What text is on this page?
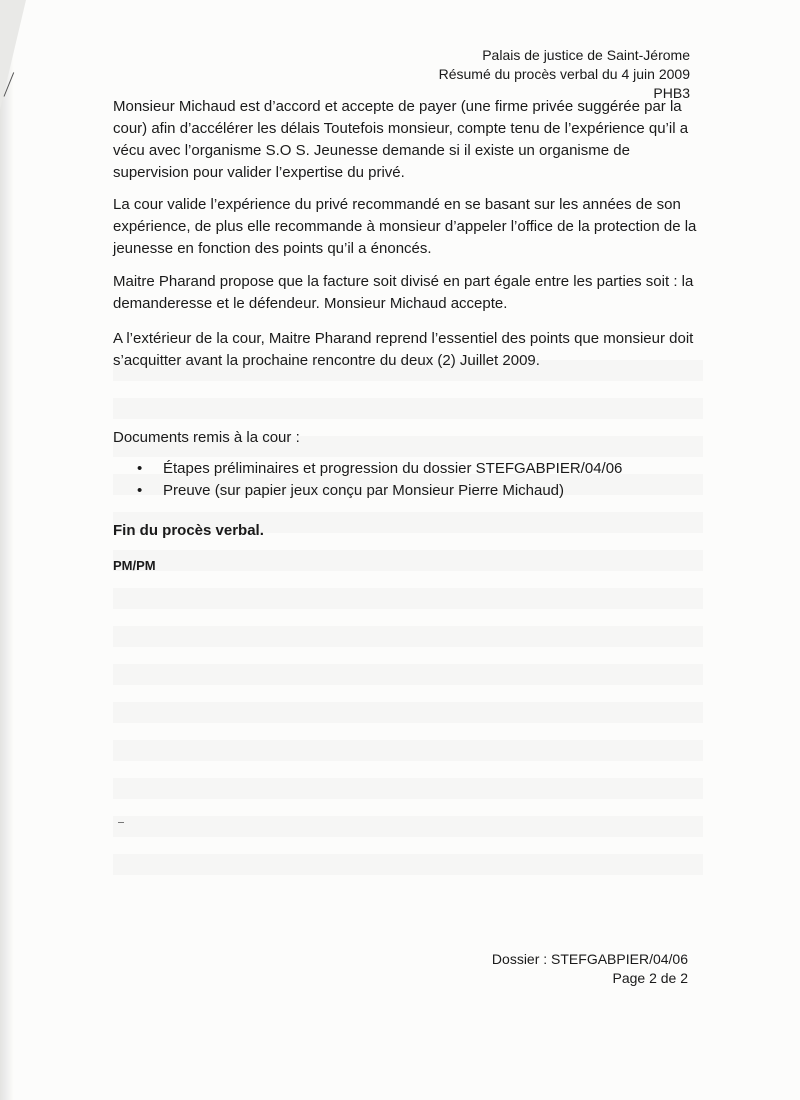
Palais de justice de Saint-Jérome
Résumé du procès verbal du 4 juin 2009
PHB3

Monsieur Michaud est d’accord et accepte de payer (une firme privée suggérée par la cour) afin d’accélérer les délais Toutefois monsieur, compte tenu de l’expérience qu’il a vécu avec l’organisme S.O S. Jeunesse demande si il existe un organisme de supervision pour valider l’expertise du privé.

La cour valide l’expérience du privé recommandé en se basant sur les années de son expérience, de plus elle recommande à monsieur d’appeler l’office de la protection de la jeunesse en fonction des points qu’il a énoncés.

Maitre Pharand propose que la facture soit divisé en part égale entre les parties soit : la demanderesse et le défendeur. Monsieur Michaud accepte.

A l’extérieur de la cour, Maitre Pharand reprend l’essentiel des points que monsieur doit s’acquitter avant la prochaine rencontre du deux (2) Juillet 2009.

Documents remis à la cour :
• Étapes préliminaires et progression du dossier STEFGABPIER/04/06
• Preuve (sur papier jeux conçu par Monsieur Pierre Michaud)
Fin du procès verbal.
PM/PM
Dossier : STEFGABPIER/04/06
Page 2 de 2
